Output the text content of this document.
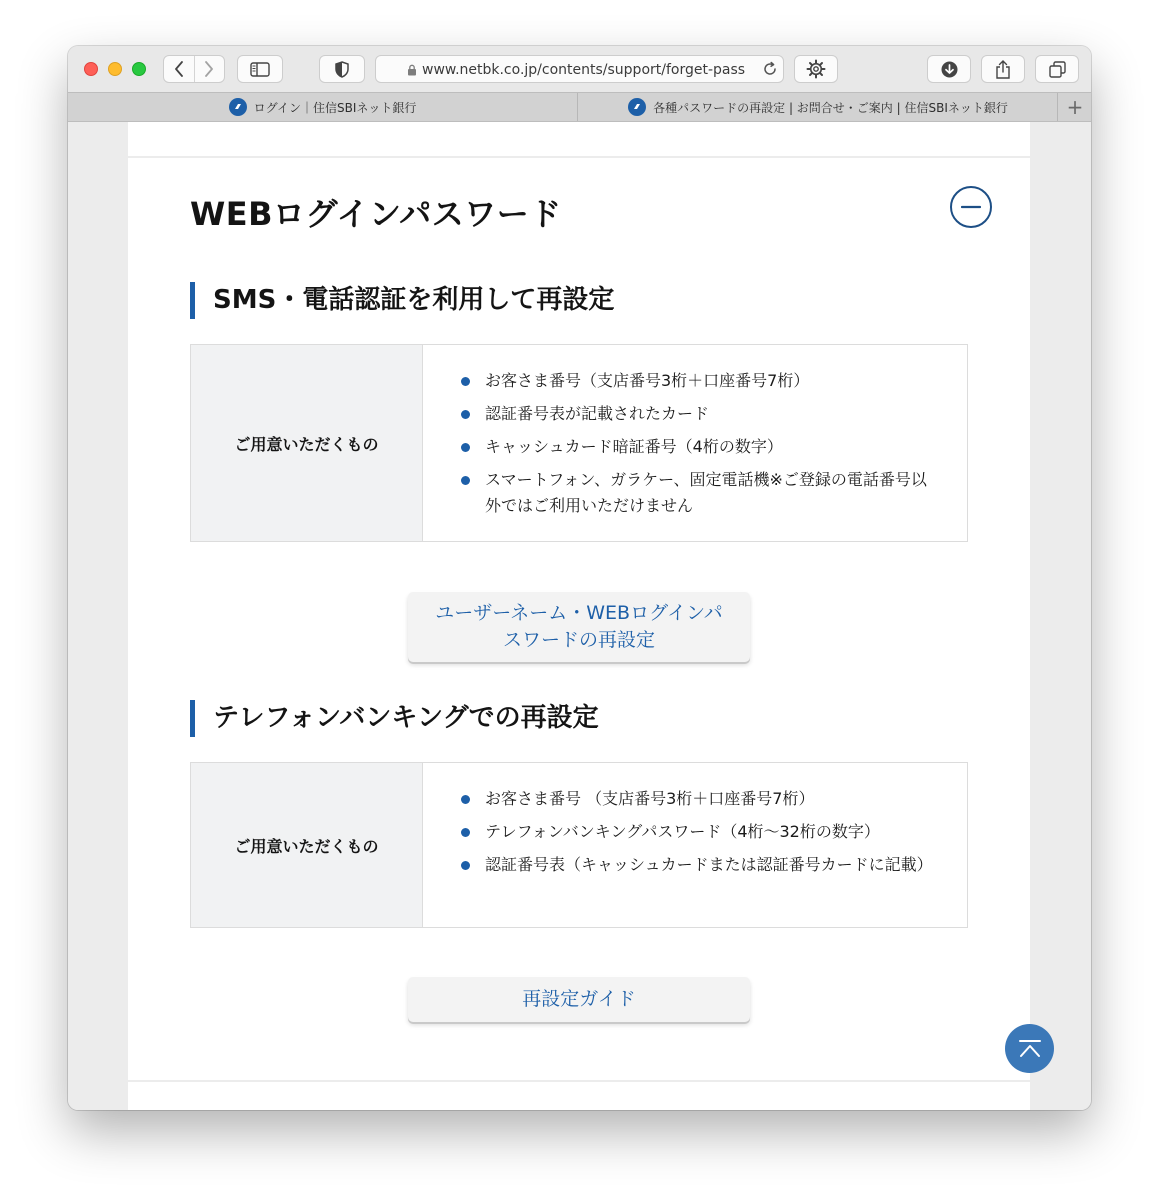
www.netbk.co.jp/contents/support/forget-pass
ログイン｜住信SBIネット銀行	各種パスワードの再設定 | お問合せ・ご案内 | 住信SBIネット銀行	+
WEBログインパスワード
SMS・電話認証を利用して再設定
ご用意いただくもの
お客さま番号（支店番号3桁＋口座番号7桁）
認証番号表が記載されたカード
キャッシュカード暗証番号（4桁の数字）
スマートフォン、ガラケー、固定電話機※ご登録の電話番号以外ではご利用いただけません
ユーザーネーム・WEBログインパスワードの再設定
テレフォンバンキングでの再設定
ご用意いただくもの
お客さま番号 （支店番号3桁＋口座番号7桁）
テレフォンバンキングパスワード（4桁～32桁の数字）
認証番号表（キャッシュカードまたは認証番号カードに記載）
再設定ガイド
